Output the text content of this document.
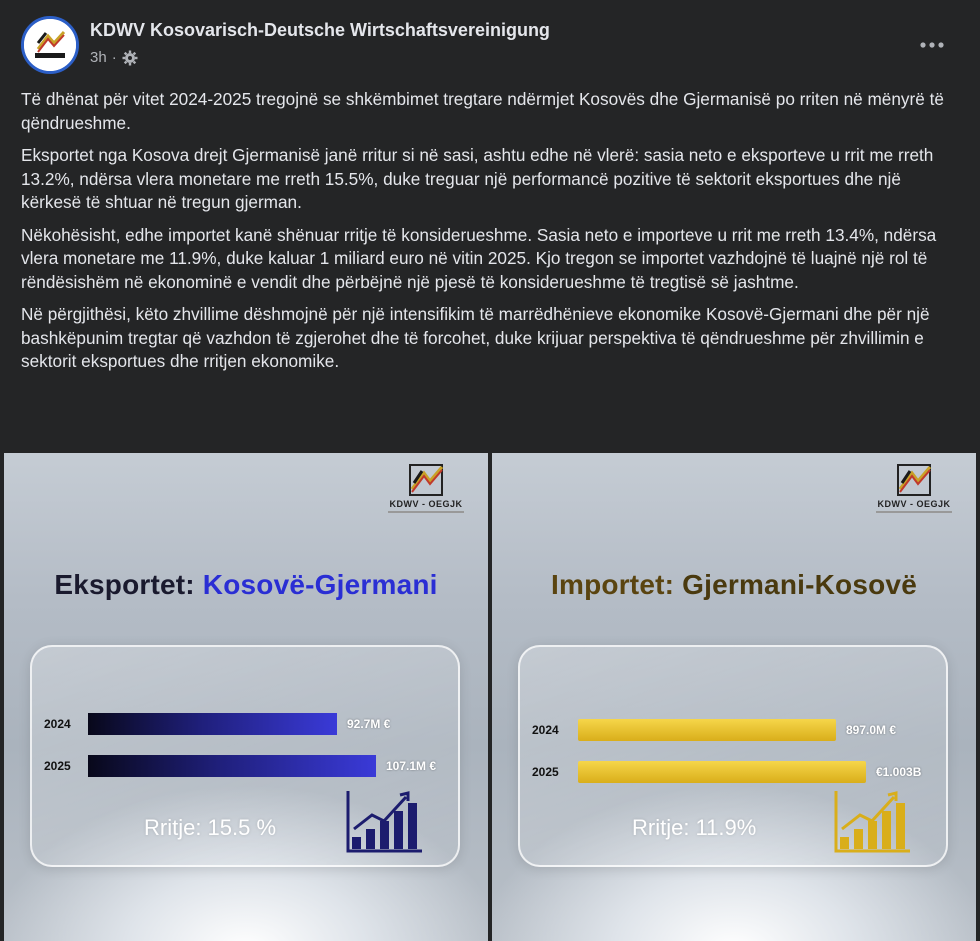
KDWV Kosovarisch-Deutsche Wirtschaftsvereinigung
3h ·

Të dhënat për vitet 2024-2025 tregojnë se shkëmbimet tregtare ndërmjet Kosovës dhe Gjermanisë po rriten në mënyrë të qëndrueshme.

Eksportet nga Kosova drejt Gjermanisë janë rritur si në sasi, ashtu edhe në vlerë: sasia neto e eksporteve u rrit me rreth 13.2%, ndërsa vlera monetare me rreth 15.5%, duke treguar një performancë pozitive të sektorit eksportues dhe një kërkesë të shtuar në tregun gjerman.

Nëkohësisht, edhe importet kanë shënuar rritje të konsiderueshme. Sasia neto e importeve u rrit me rreth 13.4%, ndërsa vlera monetare me 11.9%, duke kaluar 1 miliard euro në vitin 2025. Kjo tregon se importet vazhdojnë të luajnë një rol të rëndësishëm në ekonominë e vendit dhe përbëjnë një pjesë të konsiderueshme të tregtisë së jashtme.

Në përgjithësi, këto zhvillime dëshmojnë për një intensifikim të marrëdhënieve ekonomike Kosovë-Gjermani dhe për një bashkëpunim tregtar që vazhdon të zgjerohet dhe të forcohet, duke krijuar perspektiva të qëndrueshme për zhvillimin e sektorit eksportues dhe rritjen ekonomike.

KDWV - OEGJK
Eksportet: Kosovë-Gjermani
2024	92.7M €
2025	107.1M €
Rritje: 15.5 %
KDWV - OEGJK
Importet: Gjermani-Kosovë
2024	897.0M €
2025	€1.003B
Rritje: 11.9%
